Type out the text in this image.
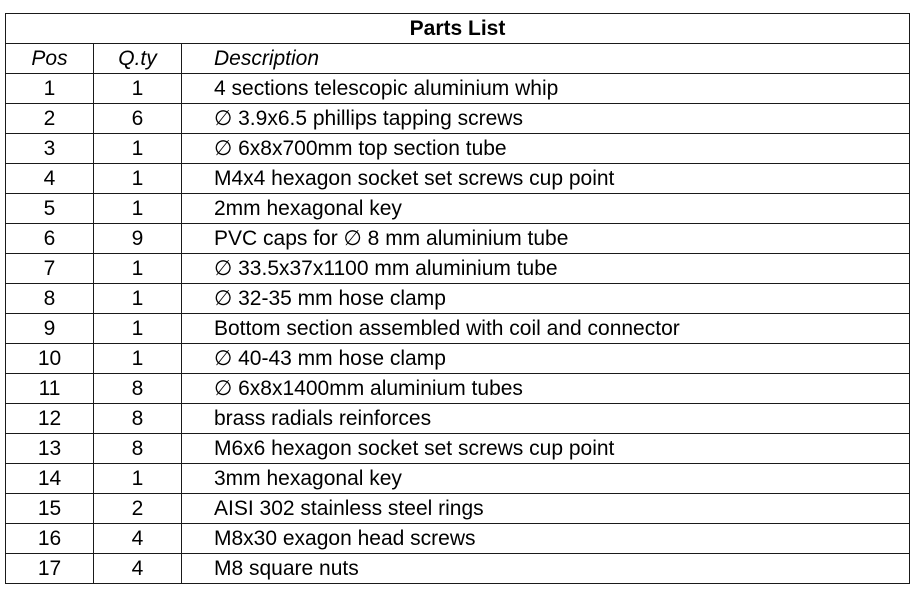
Parts List		
Pos	Q.ty	Description
1	1	4 sections telescopic aluminium whip
2	6	∅ 3.9x6.5 phillips tapping screws
3	1	∅ 6x8x700mm top section tube
4	1	M4x4 hexagon socket set screws cup point
5	1	2mm hexagonal key
6	9	PVC caps for ∅ 8 mm aluminium tube
7	1	∅ 33.5x37x1100 mm aluminium tube
8	1	∅ 32-35 mm hose clamp
9	1	Bottom section assembled with coil and connector
10	1	∅ 40-43 mm hose clamp
11	8	∅ 6x8x1400mm aluminium tubes
12	8	brass radials reinforces
13	8	M6x6 hexagon socket set screws cup point
14	1	3mm hexagonal key
15	2	AISI 302 stainless steel rings
16	4	M8x30 exagon head screws
17	4	M8 square nuts
